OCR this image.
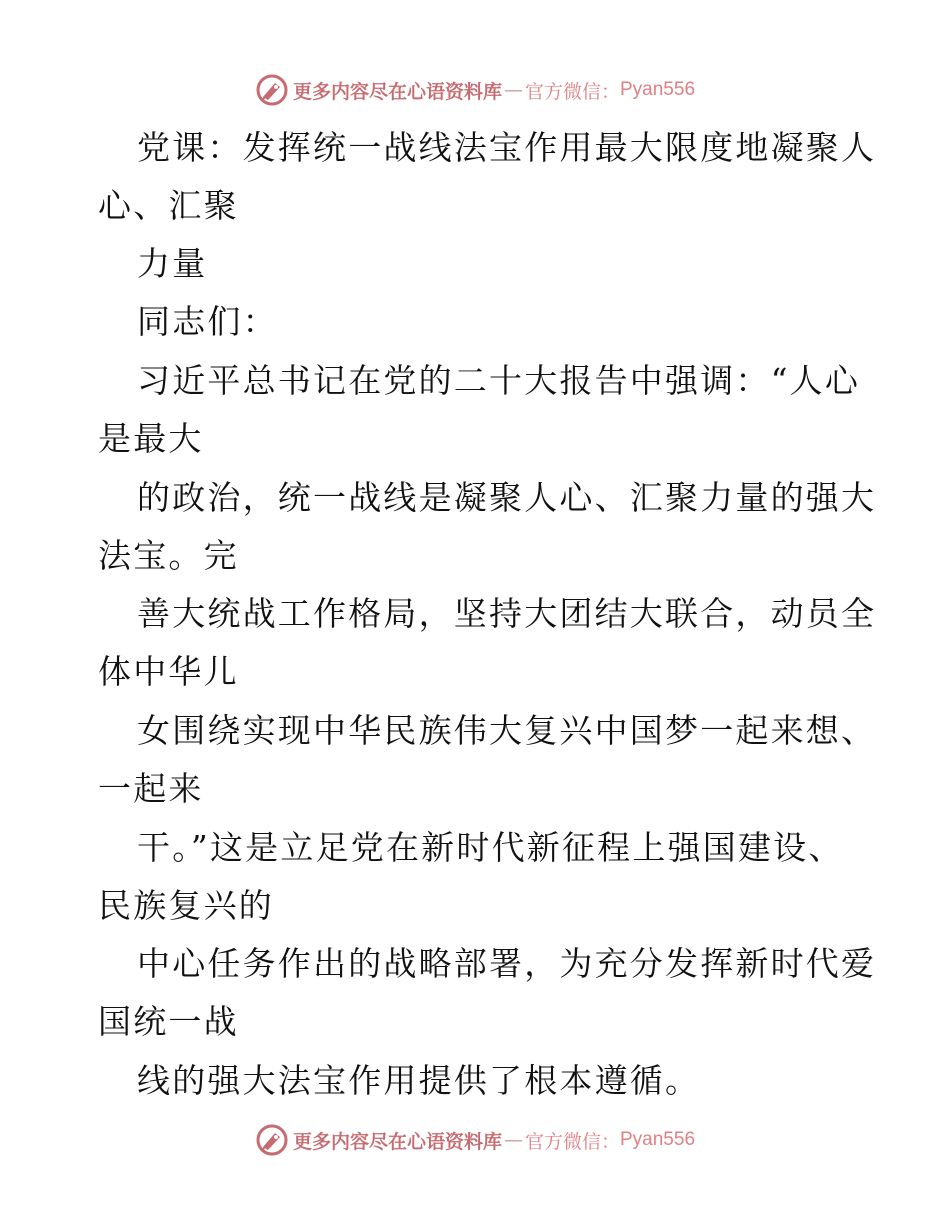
更多内容尽在心语资料库 — 官方微信： Pyan556
党课：发挥统一战线法宝作用最大限度地凝聚人
心、汇聚
力量
同志们：
习近平总书记在党的二十大报告中强调：“人心
是最大
的政治，统一战线是凝聚人心、汇聚力量的强大
法宝。完
善大统战工作格局，坚持大团结大联合，动员全
体中华儿
女围绕实现中华民族伟大复兴中国梦一起来想、
一起来
干。”这是立足党在新时代新征程上强国建设、
民族复兴的
中心任务作出的战略部署，为充分发挥新时代爱
国统一战
线的强大法宝作用提供了根本遵循。
更多内容尽在心语资料库 — 官方微信： Pyan556
